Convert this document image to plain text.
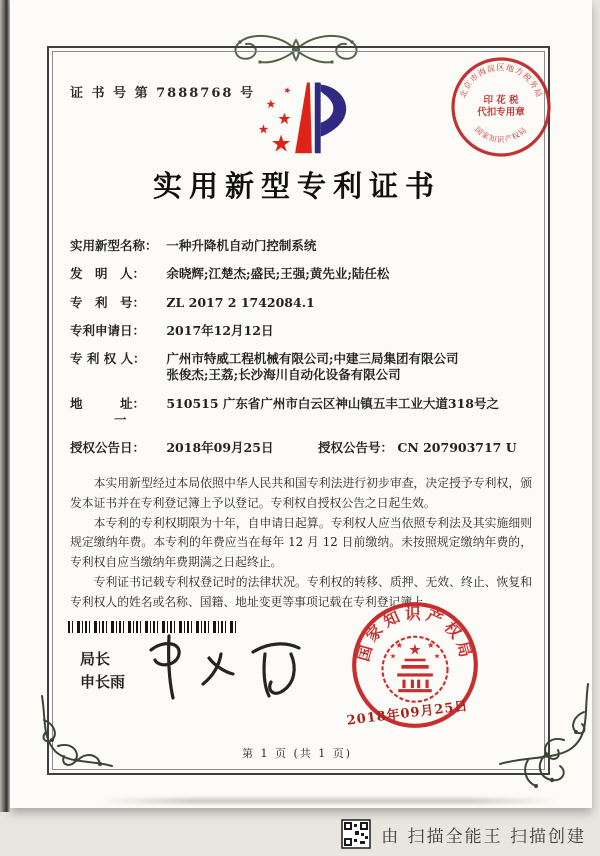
证 书 号 第 7888768 号
★
★
★
★
★	北京市海淀区地方税务局
国家知识产权局
印 花 税
代扣专用章
实用新型专利证书
实用新型名称： 一种升降机自动门控制系统
发　明　人： 余晓辉;江楚杰;盛民;王强;黄先业;陆任松
专　利　号： ZL 2017 2 1742084.1
专利申请日： 2017年12月12日
专 利 权 人： 广州市特威工程机械有限公司;中建三局集团有限公司
张俊杰;王荔;长沙海川自动化设备有限公司
地　　　址： 510515 广东省广州市白云区神山镇五丰工业大道318号之
一
授权公告日： 2018年09月25日	授权公告号： CN 207903717 U

本实用新型经过本局依照中华人民共和国专利法进行初步审查，决定授予专利权，颁发本证书并在专利登记簿上予以登记。专利权自授权公告之日起生效。

本专利的专利权期限为十年，自申请日起算。专利权人应当依照专利法及其实施细则规定缴纳年费。本专利的年费应当在每年 12 月 12 日前缴纳。未按照规定缴纳年费的，专利权自应当缴纳年费期满之日起终止。

专利证书记载专利权登记时的法律状况。专利权的转移、质押、无效、终止、恢复和专利权人的姓名或名称、国籍、地址变更等事项记载在专利登记簿上。

局长
申长雨
国家知识产权局
★
★	★
★	★
2018年09月25日
第 1 页 (共 1 页)
由 扫描全能王 扫描创建
